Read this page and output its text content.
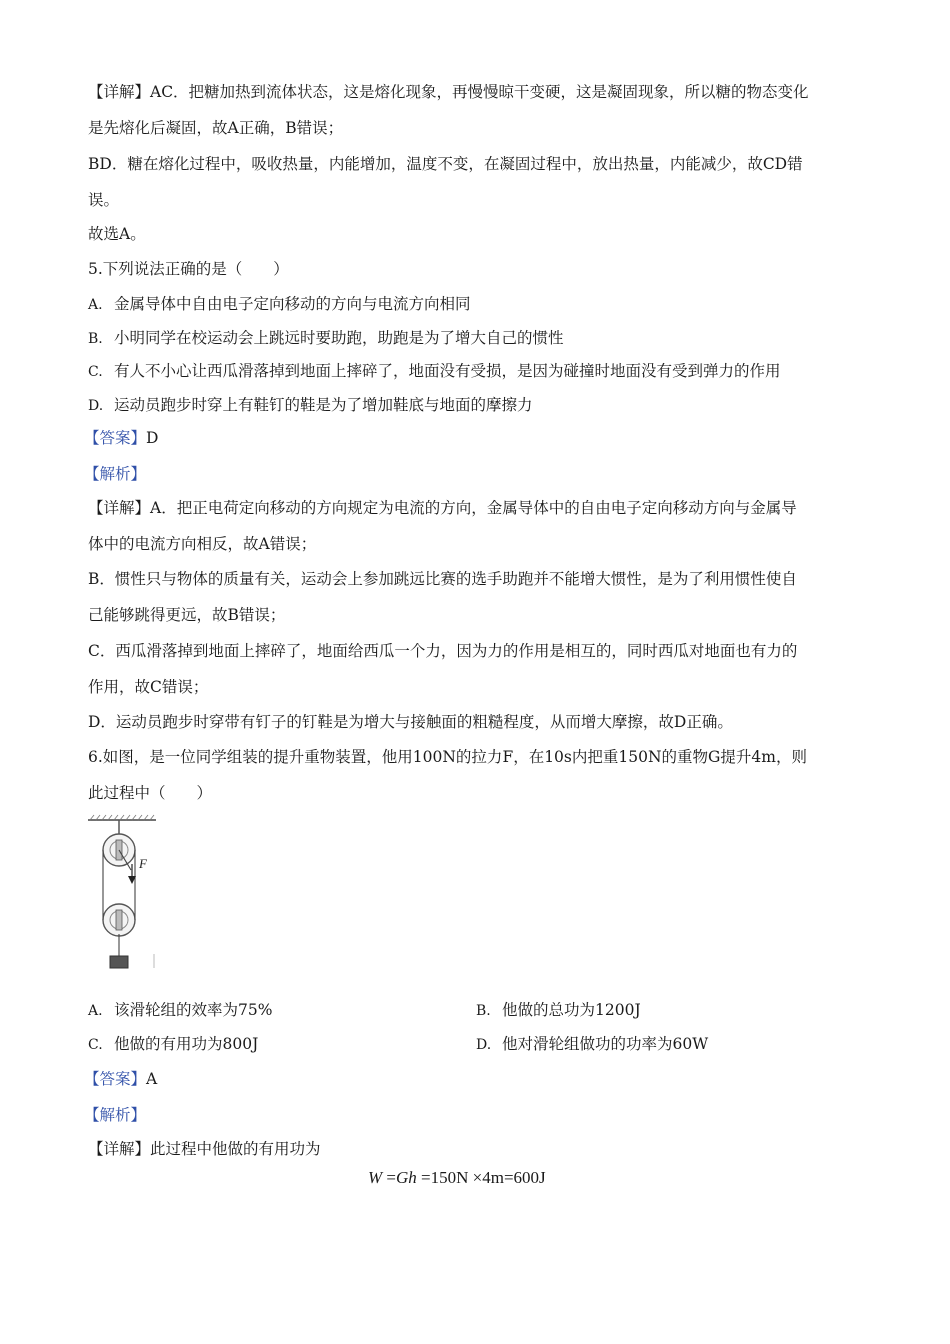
【详解】AC．把糖加热到流体状态，这是熔化现象，再慢慢晾干变硬，这是凝固现象，所以糖的物态变化
是先熔化后凝固，故A正确，B错误；
BD．糖在熔化过程中，吸收热量，内能增加，温度不变，在凝固过程中，放出热量，内能减少，故CD错
误。
故选A。
5.下列说法正确的是（　　）
A. 金属导体中自由电子定向移动的方向与电流方向相同
B. 小明同学在校运动会上跳远时要助跑，助跑是为了增大自己的惯性
C. 有人不小心让西瓜滑落掉到地面上摔碎了，地面没有受损，是因为碰撞时地面没有受到弹力的作用
D. 运动员跑步时穿上有鞋钉的鞋是为了增加鞋底与地面的摩擦力
【答案】D
【解析】
【详解】A．把正电荷定向移动的方向规定为电流的方向，金属导体中的自由电子定向移动方向与金属导
体中的电流方向相反，故A错误；
B．惯性只与物体的质量有关，运动会上参加跳远比赛的选手助跑并不能增大惯性，是为了利用惯性使自
己能够跳得更远，故B错误；
C．西瓜滑落掉到地面上摔碎了，地面给西瓜一个力，因为力的作用是相互的，同时西瓜对地面也有力的
作用，故C错误；
D．运动员跑步时穿带有钉子的钉鞋是为增大与接触面的粗糙程度，从而增大摩擦，故D正确。
6.如图，是一位同学组装的提升重物装置，他用100N的拉力F，在10s内把重150N的重物G提升4m，则
此过程中（　　）
F
A. 该滑轮组的效率为75%	B. 他做的总功为1200J
C. 他做的有用功为800J	D. 他对滑轮组做功的功率为60W
【答案】A
【解析】
【详解】此过程中他做的有用功为
W =Gh =150N ×4m=600J
